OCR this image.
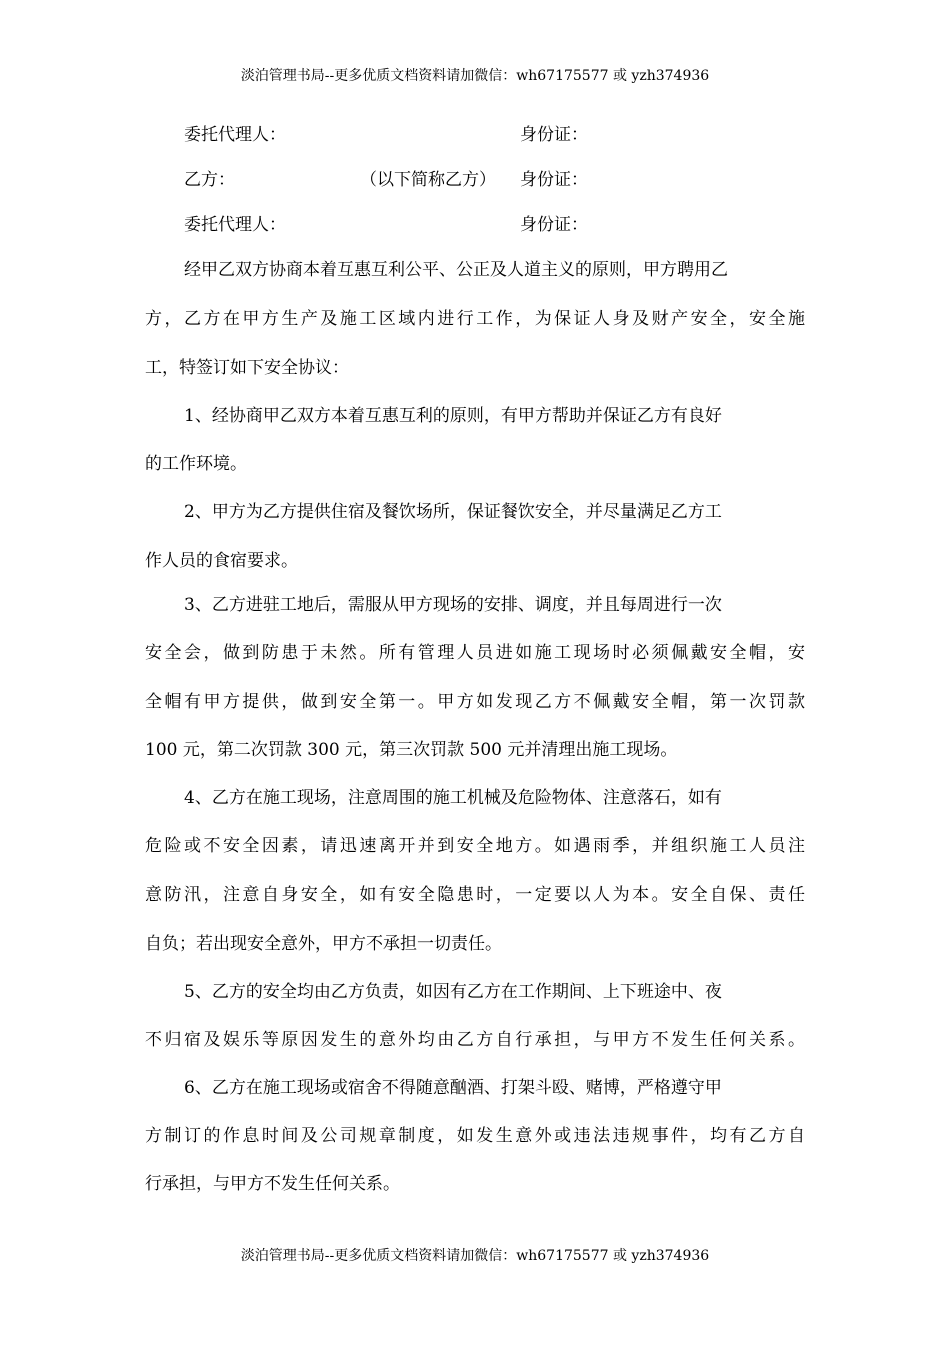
淡泊管理书局--更多优质文档资料请加微信：wh67175577 或 yzh374936
委托代理人：	身份证：
乙方：	（以下简称乙方） 身份证：
委托代理人：	身份证：
经甲乙双方协商本着互惠互利公平、公正及人道主义的原则，甲方聘用乙
方，乙方在甲方生产及施工区域内进行工作，为保证人身及财产安全，安全施
工，特签订如下安全协议：
1、经协商甲乙双方本着互惠互利的原则，有甲方帮助并保证乙方有良好
的工作环境。
2、甲方为乙方提供住宿及餐饮场所，保证餐饮安全，并尽量满足乙方工
作人员的食宿要求。
3、乙方进驻工地后，需服从甲方现场的安排、调度，并且每周进行一次
安全会，做到防患于未然。所有管理人员进如施工现场时必须佩戴安全帽，安
全帽有甲方提供，做到安全第一。甲方如发现乙方不佩戴安全帽，第一次罚款
100 元，第二次罚款 300 元，第三次罚款 500 元并清理出施工现场。
4、乙方在施工现场，注意周围的施工机械及危险物体、注意落石，如有
危险或不安全因素，请迅速离开并到安全地方。如遇雨季，并组织施工人员注
意防汛，注意自身安全，如有安全隐患时，一定要以人为本。安全自保、责任
自负；若出现安全意外，甲方不承担一切责任。
5、乙方的安全均由乙方负责，如因有乙方在工作期间、上下班途中、夜
不归宿及娱乐等原因发生的意外均由乙方自行承担，与甲方不发生任何关系。
6、乙方在施工现场或宿舍不得随意酗酒、打架斗殴、赌博，严格遵守甲
方制订的作息时间及公司规章制度，如发生意外或违法违规事件，均有乙方自
行承担，与甲方不发生任何关系。
淡泊管理书局--更多优质文档资料请加微信：wh67175577 或 yzh374936
